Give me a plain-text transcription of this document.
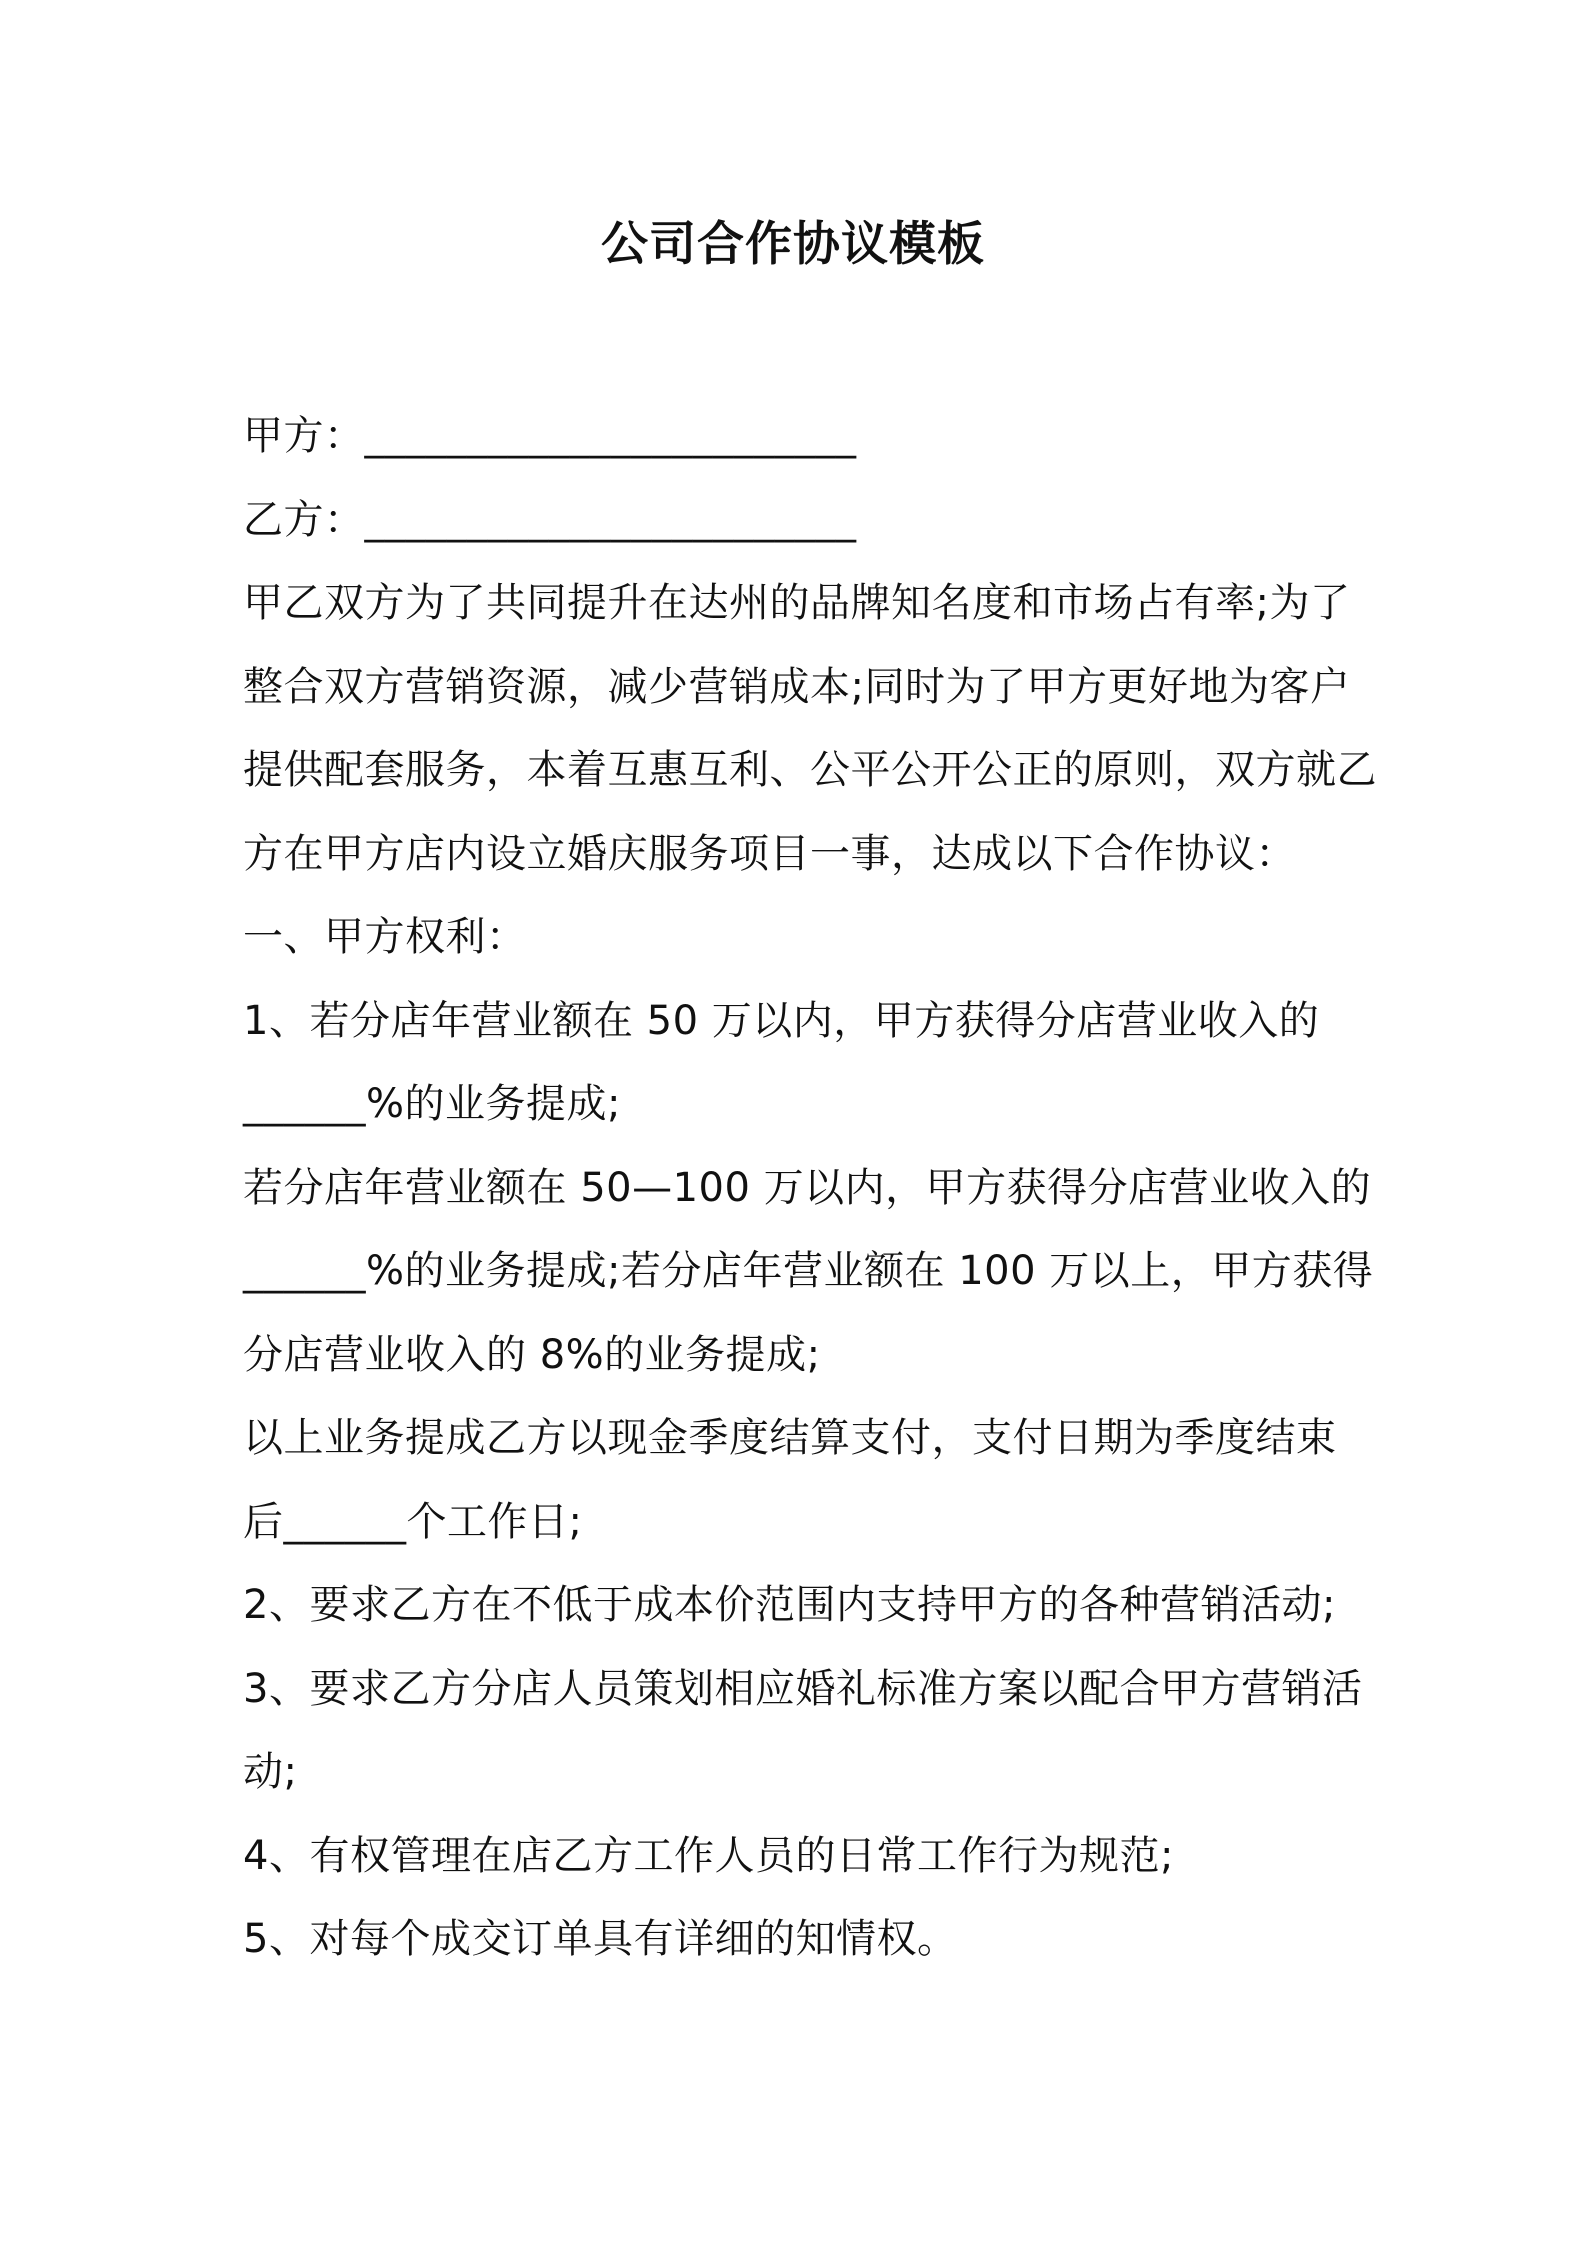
公司合作协议模板
甲方：________________________
乙方：________________________
甲乙双方为了共同提升在达州的品牌知名度和市场占有率;为了
整合双方营销资源，减少营销成本;同时为了甲方更好地为客户
提供配套服务，本着互惠互利、公平公开公正的原则，双方就乙
方在甲方店内设立婚庆服务项目一事，达成以下合作协议：
一、甲方权利：
1、若分店年营业额在 50 万以内，甲方获得分店营业收入的
______%的业务提成;
若分店年营业额在 50—100 万以内，甲方获得分店营业收入的
______%的业务提成;若分店年营业额在 100 万以上，甲方获得
分店营业收入的 8%的业务提成;
以上业务提成乙方以现金季度结算支付，支付日期为季度结束
后______个工作日;
2、要求乙方在不低于成本价范围内支持甲方的各种营销活动;
3、要求乙方分店人员策划相应婚礼标准方案以配合甲方营销活
动;
4、有权管理在店乙方工作人员的日常工作行为规范;
5、对每个成交订单具有详细的知情权。
